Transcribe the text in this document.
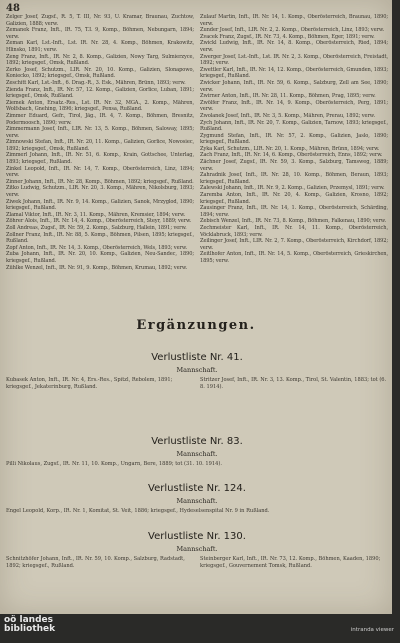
48

Zelger Josef, Zugsf., R. 5, T. III, Nr. 93, U. Kramar, Braunau, Zuchtow, Galizien, 1888; verw.

Zemanek Franz, Inft., IR. 75, T.I. 9, Komp., Böhmen, Nebungarn, 1894; verw.

Zeman Karl, Lst.-Inft., Lst. IR. Nr. 28, 4. Komp., Böhmen, Krakowitz, Hlinsko, 1891; verw.

Zeng Franz, Inft., IR. Nr. 2, 8. Komp., Galizien, Nowy Targ, Sulmierzyce, 1892; kriegsgef., Omsk, Rußland.

Zerko Josef, Schutzm., LIR. Nr. 20, 10. Komp., Galizien, Slonapowo, Koniecko, 1892; kriegsgef., Omsk, Rußland.

Zeschitt Karl, Lst.-Inft., 6. Drag.-R., 3. Esk., Mähren, Brünn, 1893; verw.

Zienda Franz, Inft., IR. Nr. 57, 12. Komp., Galizien, Gorlice, Luban, 1891; kriegsgef., Omsk, Rußland.

Ziemek Anton, Ersatz.-Res., Lst. IR. Nr. 32, MGA., 2. Komp., Mähren, Wolfsbach, Gnehing, 1896; kriegsgef., Pensa, Rußland.

Zimmer Eduard, Gefr., Tirol, Jäg., IR. 4, 7. Komp., Böhmen, Bresnitz, Podermoosch, 1890; verw.

Zimmermann Josef, Inft., LIR. Nr. 13, 5. Komp., Böhmen, Saloway, 1895; verw.

Zimnowski Stefan, Inft., IR. Nr. 20, 11. Komp., Galizien, Gorlice, Nowosiec, 1892; kriegsgef., Omsk, Rußland.

Zimmerl Johann, Inft., IR. Nr. 51, 6. Komp., Krain, Gottschee, Unterlag, 1893; kriegsgef., Rußland.

Zinkel Leopold, Inft., IR. Nr. 14, 7. Komp., Oberösterreich, Linz, 1894; verw.

Zinner Johann, Inft., IR. Nr. 28, Komp., Böhmen, 1892; kriegsgef., Rußland.

Zitko Ludwig, Schutzm., LIR. Nr. 20, 3. Komp., Mähren, Nikolsburg, 1893; verw.

Ziwek Johann, Inft., IR. Nr. 9, 14. Komp., Galizien, Sanok, Mrzyglod, 1890; kriegsgef., Rußland.

Zlamal Viktor, Inft., IR. Nr. 3, 11. Komp., Mähren, Kremsier, 1894; verw.

Zöhrer Alois, Inft., IR. Nr. 14, 4. Komp., Oberösterreich, Steyr, 1889; verw.

Zoll Andreas, Zugsf., IR. Nr. 59, 2. Komp., Salzburg, Hallein, 1891; verw.

Zollner Franz, Inft., IR. Nr. 88, 5. Komp., Böhmen, Pilsen, 1895; kriegsgef., Rußland.

Zopf Anton, Inft., IR. Nr. 14, 3. Komp., Oberösterreich, Wels, 1893; verw.

Zuba Johann, Inft., IR. Nr. 20, 10. Komp., Galizien, Neu-Sandec, 1890; kriegsgef., Rußland.

Zühlke Wenzel, Inft., IR. Nr. 91, 9. Komp., Böhmen, Krumau, 1892; verw.

Zulauf Martin, Inft., IR. Nr. 14, 1. Komp., Oberösterreich, Braunau, 1890; verw.

Zunder Josef, Inft., LIR. Nr. 2, 2. Komp., Oberösterreich, Linz, 1893; verw.

Zvacek Franz, Zugsf., IR. Nr. 73, 4. Komp., Böhmen, Eger, 1891; verw.

Zwickl Ludwig, Inft., IR. Nr. 14, 8. Komp., Oberösterreich, Ried, 1894; verw.

Zwerger Josef, Lst.-Inft., Lst. IR. Nr. 2, 3. Komp., Oberösterreich, Freistadt, 1892; verw.

Zwettler Karl, Inft., IR. Nr. 14, 12. Komp., Oberösterreich, Gmunden, 1893; kriegsgef., Rußland.

Zwicker Johann, Inft., IR. Nr. 59, 6. Komp., Salzburg, Zell am See, 1890; verw.

Zwirner Anton, Inft., IR. Nr. 28, 11. Komp., Böhmen, Prag, 1895; verw.

Zwölfer Franz, Inft., IR. Nr. 14, 9. Komp., Oberösterreich, Perg, 1891; verw.

Zwolanek Josef, Inft., IR. Nr. 3, 5. Komp., Mähren, Prerau, 1892; verw.

Zych Johann, Inft., IR. Nr. 20, 7. Komp., Galizien, Tarnow, 1893; kriegsgef., Rußland.

Zygmund Stefan, Inft., IR. Nr. 57, 2. Komp., Galizien, Jaslo, 1890; kriegsgef., Rußland.

Zyka Karl, Schutzm., LIR. Nr. 20, 1. Komp., Mähren, Brünn, 1894; verw.

Zach Franz, Inft., IR. Nr. 14, 6. Komp., Oberösterreich, Enns, 1892; verw.

Zächner Josef, Zugsf., IR. Nr. 59, 3. Komp., Salzburg, Tamsweg, 1889; verw.

Zahradnik Josef, Inft., IR. Nr. 28, 10. Komp., Böhmen, Beraun, 1893; kriegsgef., Rußland.

Zalewski Johann, Inft., IR. Nr. 9, 2. Komp., Galizien, Przemysl, 1891; verw.

Zaremba Anton, Inft., IR. Nr. 20, 4. Komp., Galizien, Krosno, 1892; kriegsgef., Rußland.

Zausinger Franz, Inft., IR. Nr. 14, 1. Komp., Oberösterreich, Schärding, 1894; verw.

Zebisch Wenzel, Inft., IR. Nr. 73, 8. Komp., Böhmen, Falkenau, 1890; verw.

Zechmeister Karl, Inft., IR. Nr. 14, 11. Komp., Oberösterreich, Vöcklabruck, 1893; verw.

Zeilinger Josef, Inft., LIR. Nr. 2, 7. Komp., Oberösterreich, Kirchdorf, 1892; verw.

Zeitlhofer Anton, Inft., IR. Nr. 14, 5. Komp., Oberösterreich, Grieskirchen, 1895; verw.

Ergänzungen.
Verlustliste Nr. 41.
Mannschaft.

Kubasek Anton, Inft., IR. Nr. 4, Ers.-Res., Spitzl, Rebolem, 1891; kriegsgef., Jekaterinburg, Rußland.

Stritzer Josef, Inft., IR. Nr. 3, 13. Komp., Tirol, St. Valentin, 1883; tot (6. 8. 1914).

Verlustliste Nr. 83.
Mannschaft.

Pilli Nikolaus, Zugsf., IR. Nr. 11, 10. Komp., Ungarn, Bere, 1889; tot (31. 10. 1914).

Verlustliste Nr. 124.
Mannschaft.

Engel Leopold, Korp., IR. Nr. 1, Komitat, St. Veit, 1886; kriegsgef., Hydeselsenspital Nr. 9 in Rußland.

Verlustliste Nr. 130.
Mannschaft.

Schnitzhöfer Johann, Inft., IR. Nr. 59, 10. Komp., Salzburg, Radstadt, 1892; kriegsgef., Rußland.

Steinberger Karl, Inft., IR. Nr. 73, 12. Komp., Böhmen, Kaaden, 1890; kriegsgef., Gouvernement Tomsk, Rußland.

oö landes
bibliothek	intranda viewer
